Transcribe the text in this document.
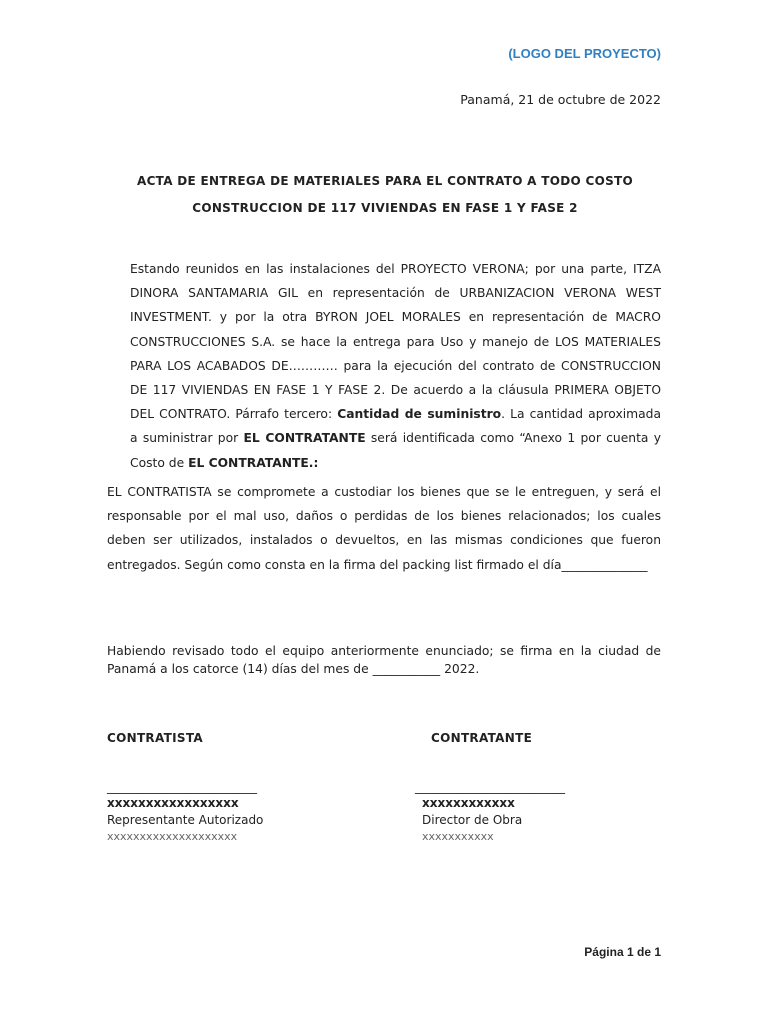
(LOGO DEL PROYECTO)
Panamá, 21 de octubre de 2022
ACTA DE ENTREGA DE MATERIALES PARA EL CONTRATO A TODO COSTO
CONSTRUCCION DE 117 VIVIENDAS EN FASE 1 Y FASE 2
Estando reunidos en las instalaciones del PROYECTO VERONA; por una parte, ITZA DINORA SANTAMARIA GIL en representación de URBANIZACION VERONA WEST INVESTMENT. y por la otra BYRON JOEL MORALES en representación de MACRO CONSTRUCCIONES S.A. se hace la entrega para Uso y manejo de LOS MATERIALES PARA LOS ACABADOS DE………… para la ejecución del contrato de CONSTRUCCION DE 117 VIVIENDAS EN FASE 1 Y FASE 2. De acuerdo a la cláusula PRIMERA OBJETO DEL CONTRATO. Párrafo tercero: Cantidad de suministro. La cantidad aproximada a suministrar por EL CONTRATANTE será identificada como “Anexo 1 por cuenta y Costo de EL CONTRATANTE.:
EL CONTRATISTA se compromete a custodiar los bienes que se le entreguen, y será el responsable por el mal uso, daños o perdidas de los bienes relacionados; los cuales deben ser utilizados, instalados o devueltos, en las mismas condiciones que fueron entregados. Según como consta en la firma del packing list firmado el día______________
Habiendo revisado todo el equipo anteriormente enunciado; se firma en la ciudad de Panamá a los catorce (14) días del mes de ___________ 2022.
CONTRATISTA	CONTRATANTE
_________________________
xxxxxxxxxxxxxxxxx
Representante Autorizado
xxxxxxxxxxxxxxxxxxxx
_________________________
xxxxxxxxxxxx
Director de Obra
xxxxxxxxxxx
Página 1 de 1
